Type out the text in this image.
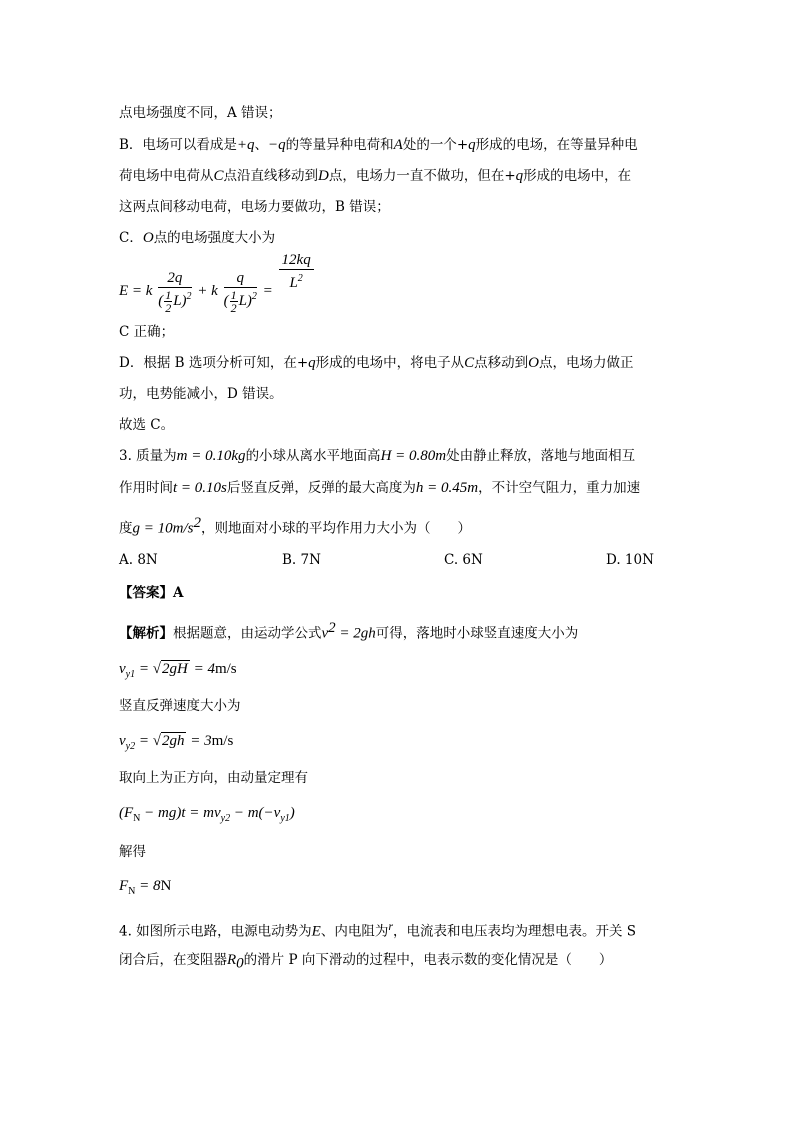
点电场强度不同，A 错误；
B．电场可以看成是+q、−q的等量异种电荷和A处的一个+q形成的电场，在等量异种电
荷电场中电荷从C点沿直线移动到D点，电场力一直不做功，但在+q形成的电场中，在
这两点间移动电荷，电场力要做功，B 错误；
C．O点的电场强度大小为
E = k $\frac{2q}{( \frac{1}{2} L)^2} + k \frac{q}{( \frac{1}{2} L)^2} = \frac{12kq}{L^2}$
C 正确；
D．根据 B 选项分析可知，在+q形成的电场中，将电子从C点移动到O点，电场力做正
功，电势能减小，D 错误。
故选 C。
3. 质量为m = 0.10kg的小球从离水平地面高H = 0.80m处由静止释放，落地与地面相互
作用时间t = 0.10s后竖直反弹，反弹的最大高度为h = 0.45m，不计空气阻力，重力加速
度$g = 10m/s^2$，则地面对小球的平均作用力大小为（　　）
A. 8N	B. 7N	C. 6N	D. 10N
【答案】A
【解析】根据题意，由运动学公式$v^2 = 2gh$可得，落地时小球竖直速度大小为
$v_{y1} = √2gH = 4m/s$
竖直反弹速度大小为
$v_{y2} = √2gh = 3m/s$
取向上为正方向，由动量定理有
$(F_N - mg)t = mv_{y2} - m(-v_{y1})$
解得
$F_N = 8N$
4. 如图所示电路，电源电动势为E、内电阻为$^r$，电流表和电压表均为理想电表。开关 S
闭合后，在变阻器$R_0$的滑片 P 向下滑动的过程中，电表示数的变化情况是（　　）
